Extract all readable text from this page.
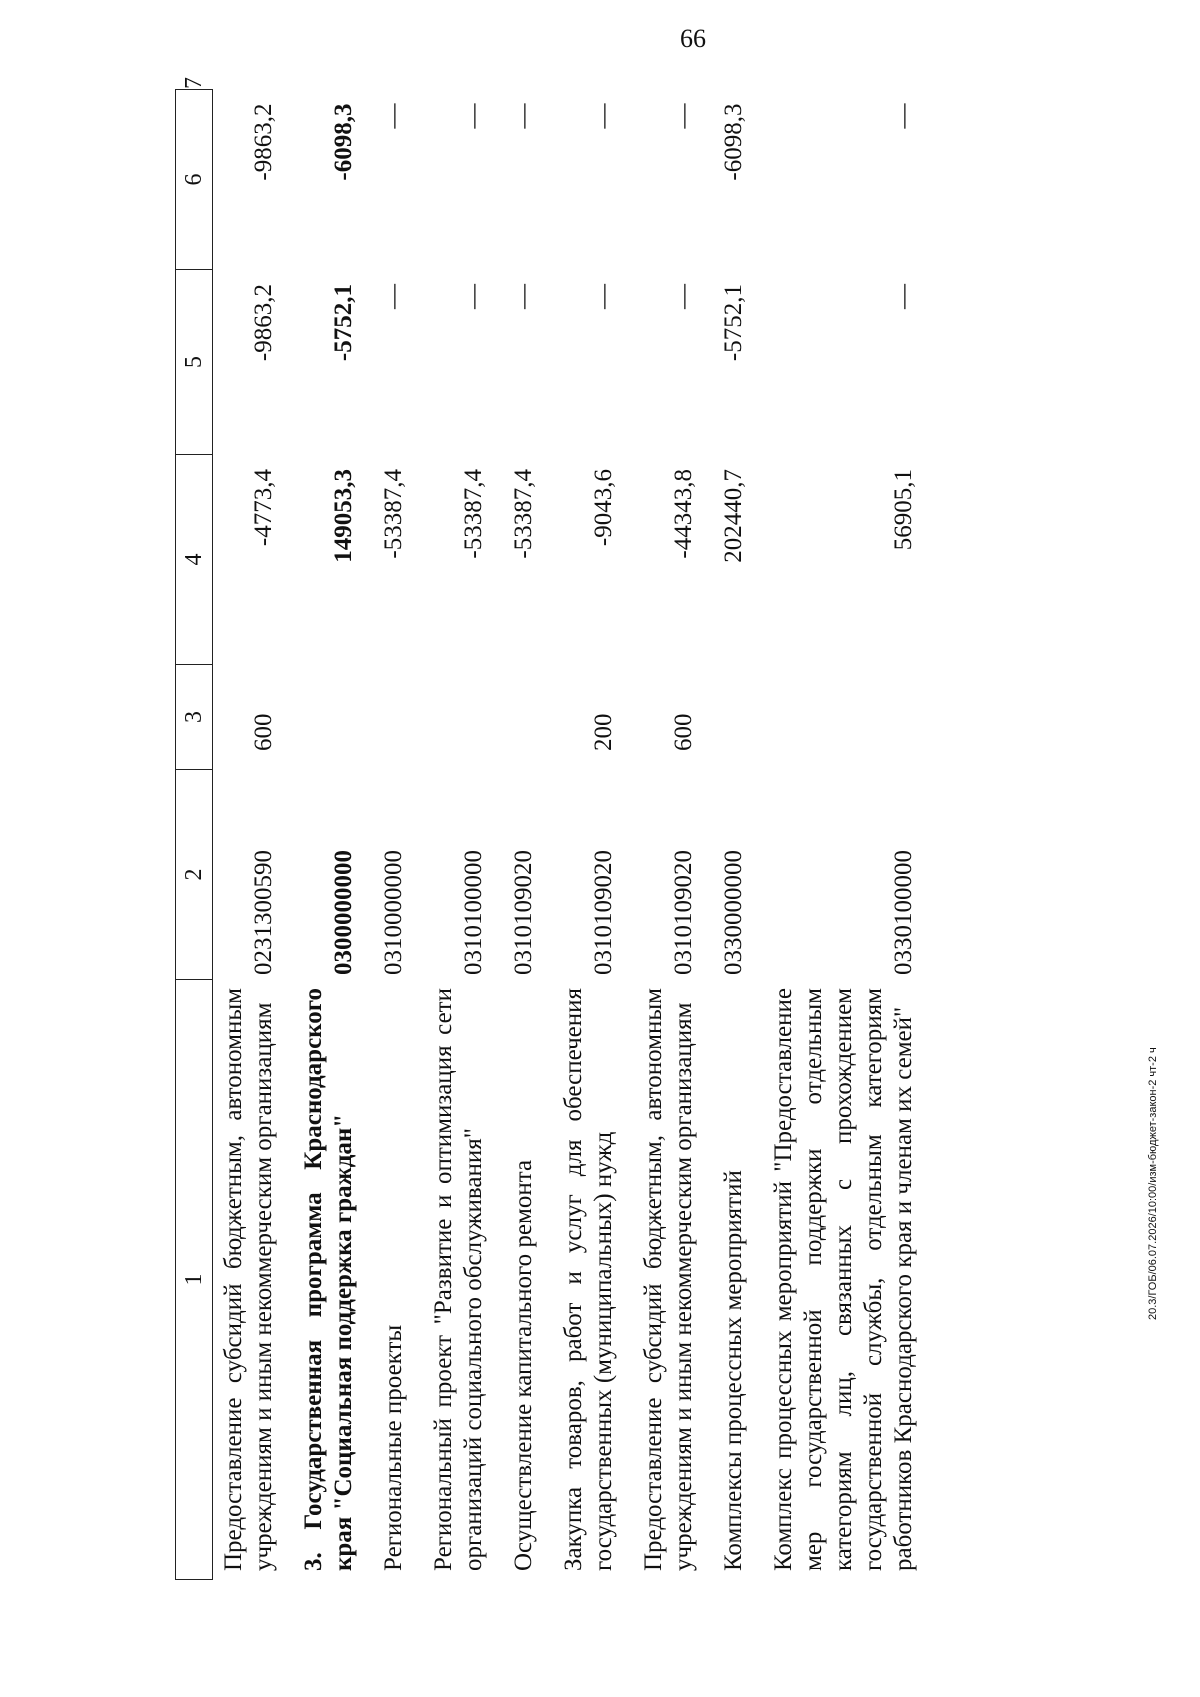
66
1	2	3	4	5	6	7
Предоставление субсидий бюджетным, автономным учреждениям и иным некоммерческим организациям	0231300590	600	-4773,4	-9863,2	-9863,2	
3. Государственная программа Краснодарского края "Социальная поддержка граждан"	0300000000		149053,3	-5752,1	-6098,3	
Региональные проекты	0310000000		-53387,4	—	—	
Региональный проект "Развитие и оптимизация сети организаций социального обслуживания"	0310100000		-53387,4	—	—	
Осуществление капитального ремонта	0310109020		-53387,4	—	—	
Закупка товаров, работ и услуг для обеспечения государственных (муниципальных) нужд	0310109020	200	-9043,6	—	—	
Предоставление субсидий бюджетным, автономным учреждениям и иным некоммерческим организациям	0310109020	600	-44343,8	—	—	
Комплексы процессных мероприятий	0330000000		202440,7	-5752,1	-6098,3	
Комплекс процессных мероприятий "Предоставление мер государственной поддержки отдельным категориям лиц, связанных с прохождением государственной службы, отдельным категориям работников Краснодарского края и членам их семей"	0330100000		56905,1	—	—	
20.3/ГОБ/06.07.2026/10:00/изм-бюджет-закон-2 чт-2 ч
